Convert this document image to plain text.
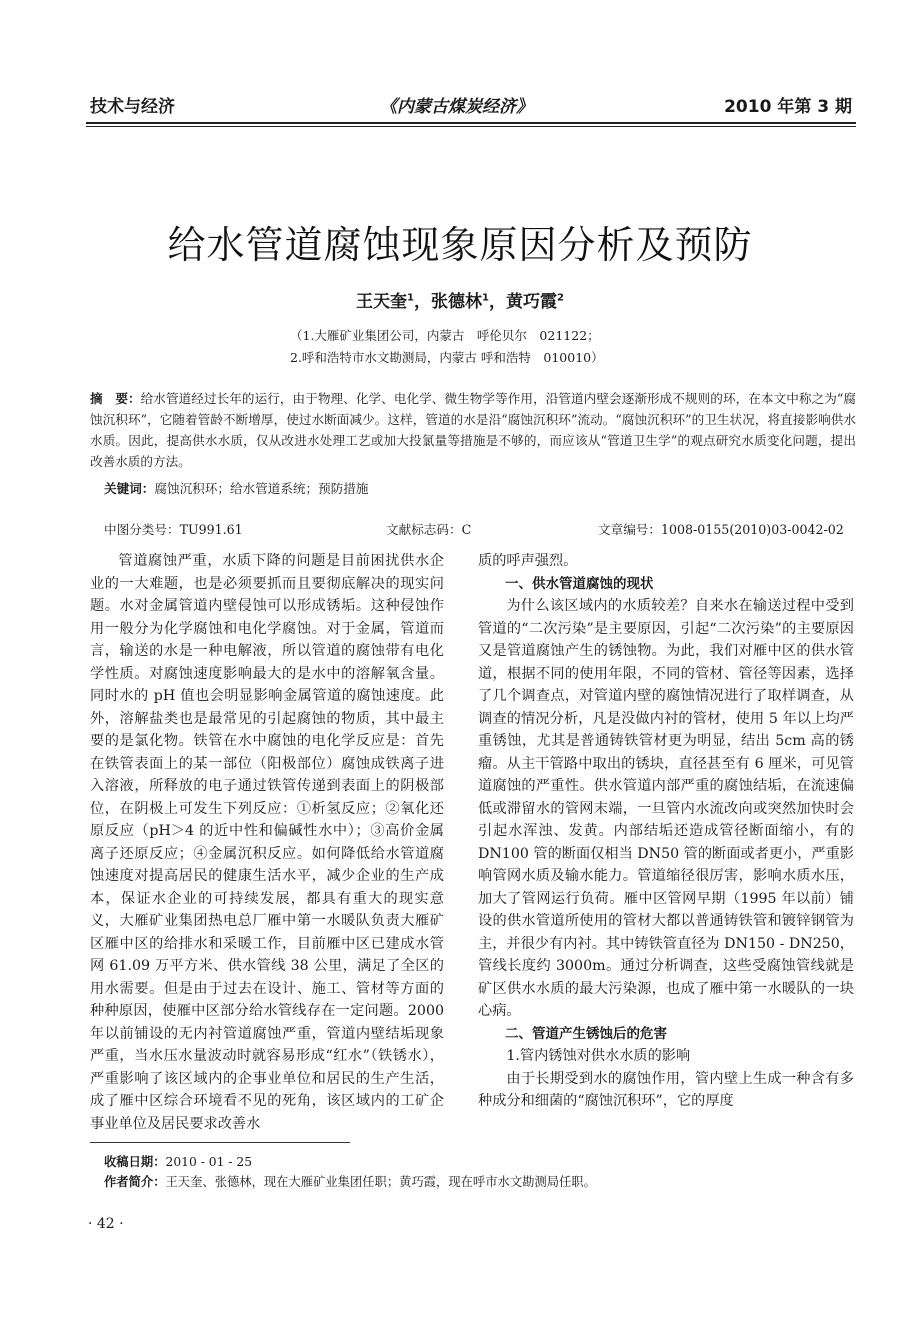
技术与经济	《内蒙古煤炭经济》	2010 年第 3 期
给水管道腐蚀现象原因分析及预防
王天奎$^1$，张德林$^1$，黄巧霞$^2$
（1.大雁矿业集团公司，内蒙古　呼伦贝尔　021122；
2.呼和浩特市水文勘测局，内蒙古 呼和浩特　010010）
摘　要：给水管道经过长年的运行，由于物理、化学、电化学、微生物学等作用，沿管道内壁会逐渐形成不规则的环，在本文中称之为“腐蚀沉积环”，它随着管龄不断增厚，使过水断面减少。这样，管道的水是沿“腐蚀沉积环”流动。“腐蚀沉积环”的卫生状况，将直接影响供水水质。因此，提高供水水质，仅从改进水处理工艺或加大投氯量等措施是不够的，而应该从“管道卫生学”的观点研究水质变化问题，提出改善水质的方法。
关键词：腐蚀沉积环；给水管道系统；预防措施
中图分类号：TU991.61	文献标志码：C	文章编号：1008-0155(2010)03-0042-02

管道腐蚀严重，水质下降的问题是目前困扰供水企业的一大难题，也是必须要抓而且要彻底解决的现实问题。水对金属管道内壁侵蚀可以形成锈垢。这种侵蚀作用一般分为化学腐蚀和电化学腐蚀。对于金属，管道而言，输送的水是一种电解液，所以管道的腐蚀带有电化学性质。对腐蚀速度影响最大的是水中的溶解氧含量。同时水的 pH 值也会明显影响金属管道的腐蚀速度。此外，溶解盐类也是最常见的引起腐蚀的物质，其中最主要的是氯化物。铁管在水中腐蚀的电化学反应是：首先在铁管表面上的某一部位（阳极部位）腐蚀成铁离子进入溶液，所释放的电子通过铁管传递到表面上的阴极部位，在阴极上可发生下列反应：①析氢反应；②氧化还原反应（pH＞4 的近中性和偏碱性水中）；③高价金属离子还原反应；④金属沉积反应。如何降低给水管道腐蚀速度对提高居民的健康生活水平，减少企业的生产成本，保证水企业的可持续发展，都具有重大的现实意义，大雁矿业集团热电总厂雁中第一水暖队负责大雁矿区雁中区的给排水和采暖工作，目前雁中区已建成水管网 61.09 万平方米、供水管线 38 公里，满足了全区的用水需要。但是由于过去在设计、施工、管材等方面的种种原因，使雁中区部分给水管线存在一定问题。2000 年以前铺设的无内衬管道腐蚀严重，管道内壁结垢现象严重，当水压水量波动时就容易形成“红水”（铁锈水），严重影响了该区域内的企事业单位和居民的生产生活，成了雁中区综合环境看不见的死角，该区域内的工矿企事业单位及居民要求改善水

质的呼声强烈。

一、供水管道腐蚀的现状

为什么该区域内的水质较差？自来水在输送过程中受到管道的“二次污染”是主要原因，引起“二次污染”的主要原因又是管道腐蚀产生的锈蚀物。为此，我们对雁中区的供水管道，根据不同的使用年限，不同的管材、管径等因素，选择了几个调查点，对管道内壁的腐蚀情况进行了取样调查，从调查的情况分析，凡是没做内衬的管材，使用 5 年以上均严重锈蚀，尤其是普通铸铁管材更为明显，结出 5cm 高的锈瘤。从主干管路中取出的锈块，直径甚至有 6 厘米，可见管道腐蚀的严重性。供水管道内部严重的腐蚀结垢，在流速偏低或滞留水的管网末端，一旦管内水流改向或突然加快时会引起水浑浊、发黄。内部结垢还造成管径断面缩小，有的 DN100 管的断面仅相当 DN50 管的断面或者更小，严重影响管网水质及输水能力。管道缩径很厉害，影响水质水压，加大了管网运行负荷。雁中区管网早期（1995 年以前）铺设的供水管道所使用的管材大都以普通铸铁管和镀锌钢管为主，并很少有内衬。其中铸铁管直径为 DN150 - DN250，管线长度约 3000m。通过分析调查，这些受腐蚀管线就是矿区供水水质的最大污染源，也成了雁中第一水暖队的一块心病。

二、管道产生锈蚀后的危害

1.管内锈蚀对供水水质的影响

由于长期受到水的腐蚀作用，管内壁上生成一种含有多种成分和细菌的“腐蚀沉积环”，它的厚度

收稿日期：2010 - 01 - 25
作者简介：王天奎、张德林，现在大雁矿业集团任职；黄巧霞，现在呼市水文勘测局任职。
· 42 ·
